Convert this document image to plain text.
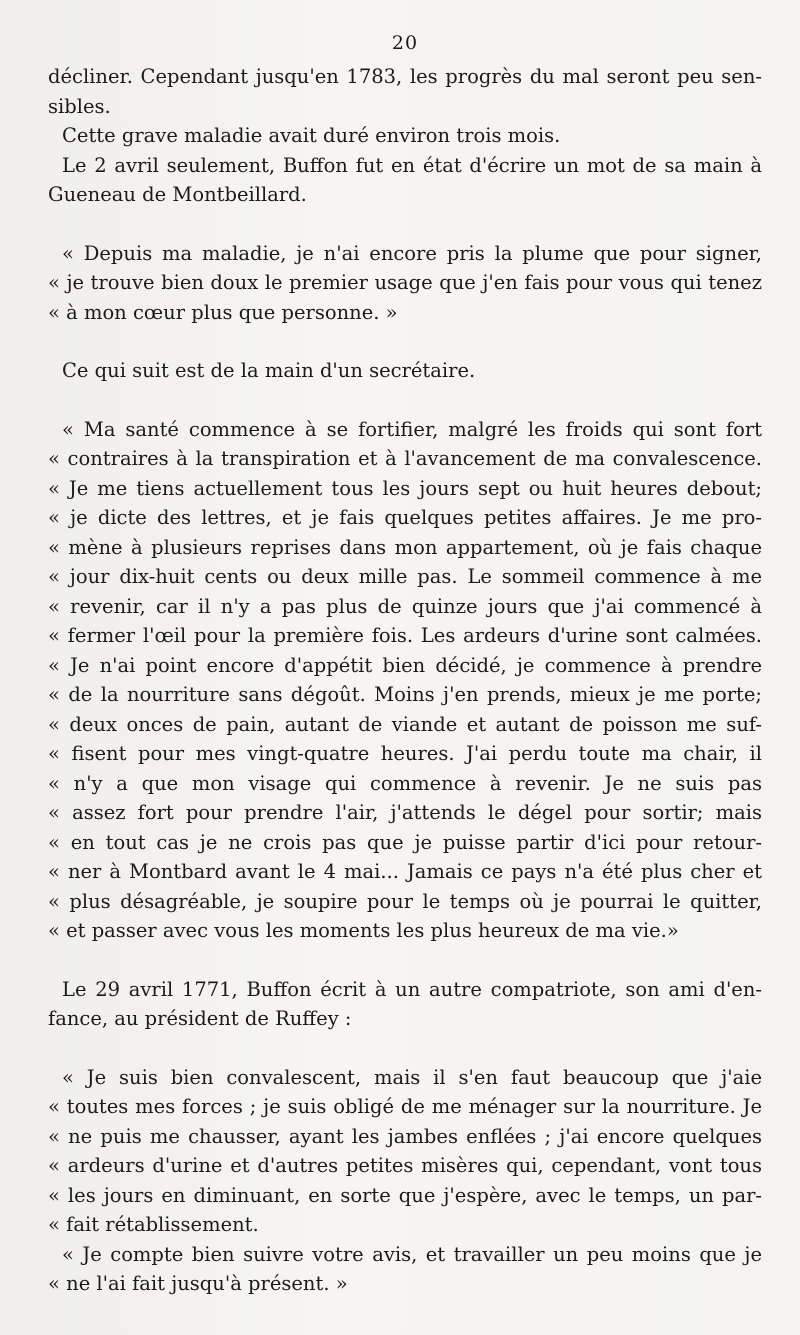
20
décliner. Cependant jusqu'en 1783, les progrès du mal seront peu sen-
sibles.
Cette grave maladie avait duré environ trois mois.
Le 2 avril seulement, Buffon fut en état d'écrire un mot de sa main à
Gueneau de Montbeillard.
« Depuis ma maladie, je n'ai encore pris la plume que pour signer,
« je trouve bien doux le premier usage que j'en fais pour vous qui tenez
« à mon cœur plus que personne. »
Ce qui suit est de la main d'un secrétaire.
« Ma santé commence à se fortifier, malgré les froids qui sont fort
« contraires à la transpiration et à l'avancement de ma convalescence.
« Je me tiens actuellement tous les jours sept ou huit heures debout;
« je dicte des lettres, et je fais quelques petites affaires. Je me pro-
« mène à plusieurs reprises dans mon appartement, où je fais chaque
« jour dix-huit cents ou deux mille pas. Le sommeil commence à me
« revenir, car il n'y a pas plus de quinze jours que j'ai commencé à
« fermer l'œil pour la première fois. Les ardeurs d'urine sont calmées.
« Je n'ai point encore d'appétit bien décidé, je commence à prendre
« de la nourriture sans dégoût. Moins j'en prends, mieux je me porte;
« deux onces de pain, autant de viande et autant de poisson me suf-
« fisent pour mes vingt-quatre heures. J'ai perdu toute ma chair, il
« n'y a que mon visage qui commence à revenir. Je ne suis pas
« assez fort pour prendre l'air, j'attends le dégel pour sortir; mais
« en tout cas je ne crois pas que je puisse partir d'ici pour retour-
« ner à Montbard avant le 4 mai... Jamais ce pays n'a été plus cher et
« plus désagréable, je soupire pour le temps où je pourrai le quitter,
« et passer avec vous les moments les plus heureux de ma vie.»
Le 29 avril 1771, Buffon écrit à un autre compatriote, son ami d'en-
fance, au président de Ruffey :
« Je suis bien convalescent, mais il s'en faut beaucoup que j'aie
« toutes mes forces ; je suis obligé de me ménager sur la nourriture. Je
« ne puis me chausser, ayant les jambes enflées ; j'ai encore quelques
« ardeurs d'urine et d'autres petites misères qui, cependant, vont tous
« les jours en diminuant, en sorte que j'espère, avec le temps, un par-
« fait rétablissement.
« Je compte bien suivre votre avis, et travailler un peu moins que je
« ne l'ai fait jusqu'à présent. »
